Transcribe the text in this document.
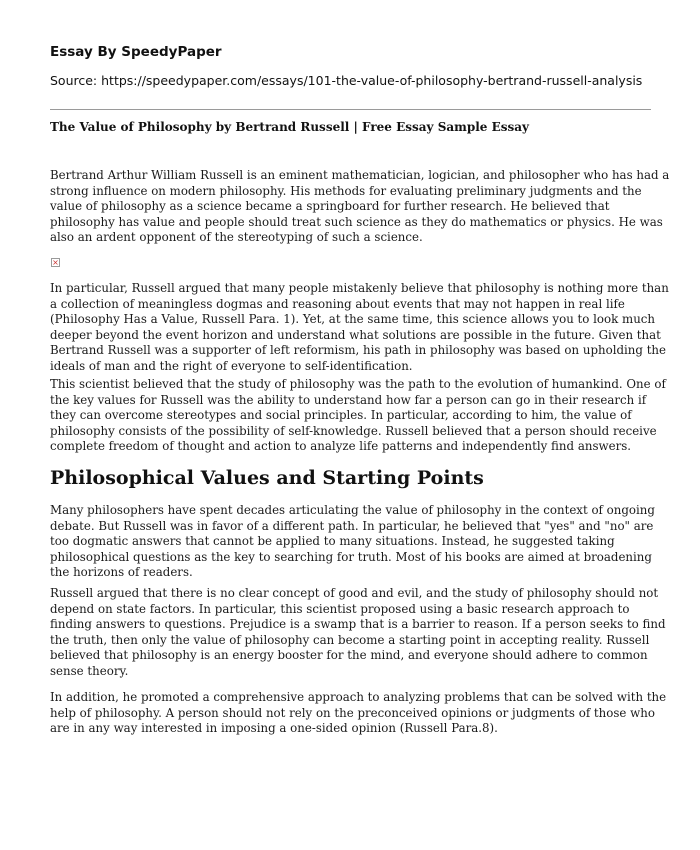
Essay By SpeedyPaper
Source: https://speedypaper.com/essays/101-the-value-of-philosophy-bertrand-russell-analysis
The Value of Philosophy by Bertrand Russell | Free Essay Sample Essay

Bertrand Arthur William Russell is an eminent mathematician, logician, and philosopher who has had a strong influence on modern philosophy. His methods for evaluating preliminary judgments and the value of philosophy as a science became a springboard for further research. He believed that philosophy has value and people should treat such science as they do mathematics or physics. He was also an ardent opponent of the stereotyping of such a science.

×

In particular, Russell argued that many people mistakenly believe that philosophy is nothing more than a collection of meaningless dogmas and reasoning about events that may not happen in real life (Philosophy Has a Value, Russell Para. 1). Yet, at the same time, this science allows you to look much deeper beyond the event horizon and understand what solutions are possible in the future. Given that Bertrand Russell was a supporter of left reformism, his path in philosophy was based on upholding the ideals of man and the right of everyone to self-identification.

This scientist believed that the study of philosophy was the path to the evolution of humankind. One of the key values for Russell was the ability to understand how far a person can go in their research if they can overcome stereotypes and social principles. In particular, according to him, the value of philosophy consists of the possibility of self-knowledge. Russell believed that a person should receive complete freedom of thought and action to analyze life patterns and independently find answers.

Philosophical Values and Starting Points

Many philosophers have spent decades articulating the value of philosophy in the context of ongoing debate. But Russell was in favor of a different path. In particular, he believed that "yes" and "no" are too dogmatic answers that cannot be applied to many situations. Instead, he suggested taking philosophical questions as the key to searching for truth. Most of his books are aimed at broadening the horizons of readers.

Russell argued that there is no clear concept of good and evil, and the study of philosophy should not depend on state factors. In particular, this scientist proposed using a basic research approach to finding answers to questions. Prejudice is a swamp that is a barrier to reason. If a person seeks to find the truth, then only the value of philosophy can become a starting point in accepting reality. Russell believed that philosophy is an energy booster for the mind, and everyone should adhere to common sense theory.

In addition, he promoted a comprehensive approach to analyzing problems that can be solved with the help of philosophy. A person should not rely on the preconceived opinions or judgments of those who are in any way interested in imposing a one-sided opinion (Russell Para.8).
